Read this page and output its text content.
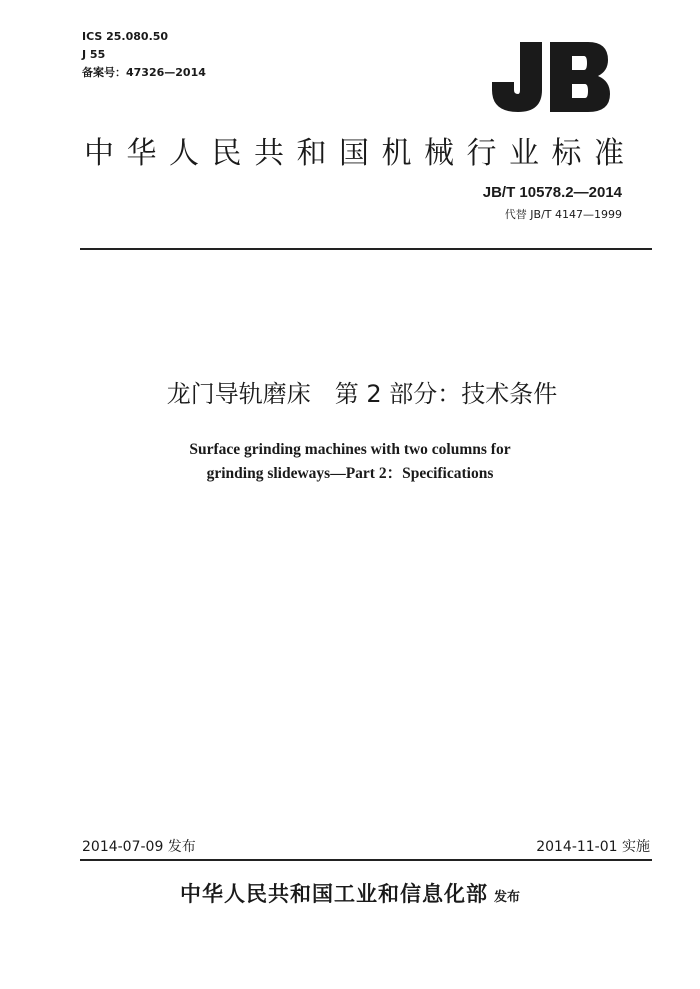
ICS 25.080.50
J 55
备案号：47326—2014
中华人民共和国机械行业标准
JB/T 10578.2—2014
代替 JB/T 4147—1999
龙门导轨磨床　第 2 部分：技术条件
Surface grinding machines with two columns for
grinding slideways—Part 2：Specifications
2014-07-09 发布	2014-11-01 实施
中华人民共和国工业和信息化部 发布
